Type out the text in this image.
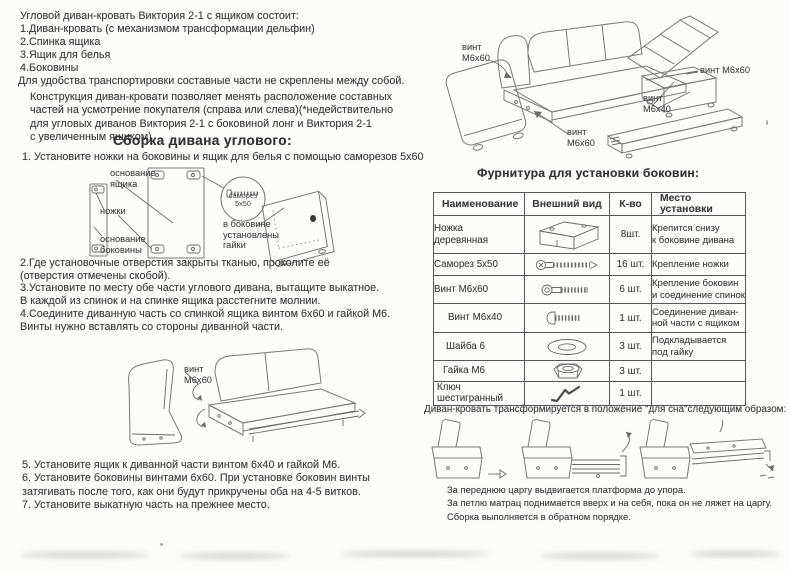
Угловой диван-кровать Виктория 2-1 с ящиком состоит:
1.Диван-кровать (с механизмом трансформации дельфин)
2.Спинка ящика
3.Ящик для белья
4.Боковины
Для удобства транспортировки составные части не скреплены между собой.
Конструкция диван-кровати позволяет менять расположение составных
частей на усмотрение покупателя (справа или слева)(*недействительно
для угловых диванов Виктория 2-1 с боковиной лонг и Виктория 2-1
с увеличенным ящиком)
Сборка дивана углового:
1. Установите ножки на боковины и ящик для белья с помощью саморезов 5х60
основание
ящика
ножки
основание
боковины
саморез
5х50
в боковине
установлены
гайки
2.Где установочные отверстия закрыты тканью, проколите её
(отверстия отмечены скобой).
3.Установите по месту обе части углового дивана, вытащите выкатное.
В каждой из спинок и на спинке ящика расстегните молнии.
4.Соедините диванную часть со спинкой ящика винтом 6х60 и гайкой М6.
Винты нужно вставлять со стороны диванной части.
винт
М6х60
5. Установите ящик к диванной части винтом 6х40 и гайкой М6.
6. Установите боковины винтами 6х60. При установке боковин винты
затягивать после того, как они будут прикручены оба на 4-5 витков.
7. Установите выкатную часть на прежнее место.
винт
М6х60
винт М6х60
винт
М6х40
винт
М6х60
Фурнитура для установки боковин:
Наименование	Внешний вид	К-во	Место установки
Ножка
деревянная		8шт.	Крепится снизу
к боковине дивана
Саморез 5х50		16 шт.	Крепление ножки
Винт М6х60		6 шт.	Крепление боковин
и соединение спинок
Винт М6х40		1 шт.	Соединение диван-
ной части с ящиком
Шайба 6		3 шт.	Подкладывается
под гайку
Гайка М6		3 шт.	
Ключ шестигранный		1 шт.	
Диван-кровать трансформируется в положение "для сна"следующим образом:
За переднюю царгу выдвигается платформа до упора.
За петлю матрац поднимается вверх и на себя, пока он не ляжет на царгу.
Сборка выполняется в обратном порядке.
